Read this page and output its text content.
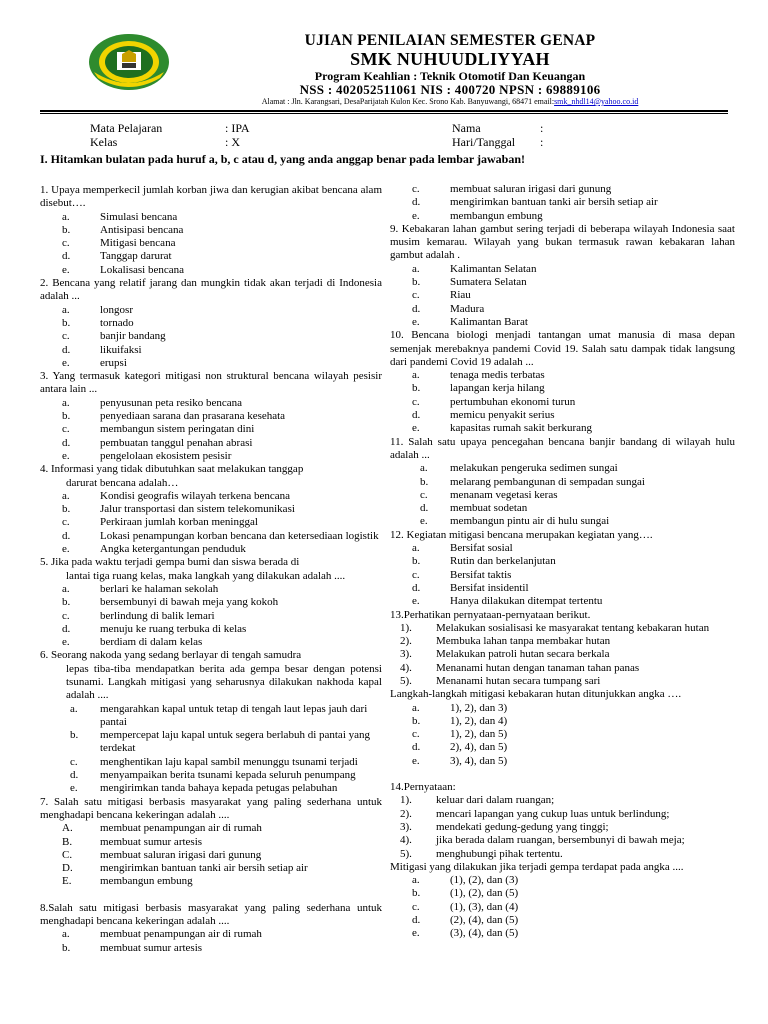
UJIAN PENILAIAN SEMESTER GENAP
SMK NUHUUDLIYYAH
Program Keahlian : Teknik Otomotif Dan Keuangan
NSS : 402052511061 NIS : 400720 NPSN : 69889106
Alamat : Jln. Karangsari, DesaParijatah Kulon Kec. Srono Kab. Banyuwangi, 68471 email:smk_nhdl14@yahoo.co.id
Mata Pelajaran	: IPA
Kelas	: X
Nama	:
Hari/Tanggal :
I. Hitamkan bulatan pada huruf a, b, c atau d, yang anda anggap benar pada lembar jawaban!
1. Upaya memperkecil jumlah korban jiwa dan kerugian akibat bencana alam disebut….
a.	Simulasi bencana
b.	Antisipasi bencana
c.	Mitigasi bencana
d.	Tanggap darurat
e.	Lokalisasi bencana
2. Bencana yang relatif jarang dan mungkin tidak akan terjadi di Indonesia adalah ...
a.	longosr
b.	tornado
c.	banjir bandang
d.	likuifaksi
e.	erupsi
3. Yang termasuk kategori mitigasi non struktural bencana wilayah pesisir antara lain ...
a.	penyusunan peta resiko bencana
b.	penyediaan sarana dan prasarana kesehata
c.	membangun sistem peringatan dini
d.	pembuatan tanggul penahan abrasi
e.	pengelolaan ekosistem pesisir
4. Informasi yang tidak dibutuhkan saat melakukan tanggap
darurat bencana adalah…
a.	Kondisi geografis wilayah terkena bencana
b.	Jalur transportasi dan sistem telekomunikasi
c.	Perkiraan jumlah korban meninggal
d.	Lokasi penampungan korban bencana dan ketersediaan logistik
e.	Angka ketergantungan penduduk
5. Jika pada waktu terjadi gempa bumi dan siswa berada di
lantai tiga ruang kelas, maka langkah yang dilakukan adalah ....
a.	berlari ke halaman sekolah
b.	bersembunyi di bawah meja yang kokoh
c.	berlindung di balik lemari
d.	menuju ke ruang terbuka di kelas
e.	berdiam di dalam kelas
6. Seorang nakoda yang sedang berlayar di tengah samudra
lepas tiba-tiba mendapatkan berita ada gempa besar dengan potensi tsunami. Langkah mitigasi yang seharusnya dilakukan nakhoda kapal adalah ....
a. mengarahkan kapal untuk tetap di tengah laut lepas jauh dari pantai
b. mempercepat laju kapal untuk segera berlabuh di pantai yang terdekat
c. menghentikan laju kapal sambil menunggu tsunami terjadi
d. menyampaikan berita tsunami kepada seluruh penumpang
e. mengirimkan tanda bahaya kepada petugas pelabuhan
7. Salah satu mitigasi berbasis masyarakat yang paling sederhana untuk menghadapi bencana kekeringan adalah ....
A. membuat penampungan air di rumah
B.	membuat sumur artesis
C.	membuat saluran irigasi dari gunung
D. mengirimkan bantuan tanki air bersih setiap air
E.	membangun embung
8.Salah satu mitigasi berbasis masyarakat yang paling sederhana untuk menghadapi bencana kekeringan adalah ....
a.	membuat penampungan air di rumah
b.	membuat sumur artesis
c.	membuat saluran irigasi dari gunung
d.	mengirimkan bantuan tanki air bersih setiap air
e.	membangun embung
9. Kebakaran lahan gambut sering terjadi di beberapa wilayah Indonesia saat musim kemarau. Wilayah yang bukan termasuk rawan kebakaran lahan gambut adalah .
a.	Kalimantan Selatan
b.	Sumatera Selatan
c.	Riau
d.	Madura
e.	Kalimantan Barat
10. Bencana biologi menjadi tantangan umat manusia di masa depan semenjak merebaknya pandemi Covid 19. Salah satu dampak tidak langsung dari pandemi Covid 19 adalah ...
a.	tenaga medis terbatas
b.	lapangan kerja hilang
c.	pertumbuhan ekonomi turun
d.	memicu penyakit serius
e.	kapasitas rumah sakit berkurang
11. Salah satu upaya pencegahan bencana banjir bandang di wilayah hulu adalah ...
a. melakukan pengeruka sedimen sungai
b. melarang pembangunan di sempadan sungai
c. menanam vegetasi keras
d. membuat sodetan
e. membangun pintu air di hulu sungai
12. Kegiatan mitigasi bencana merupakan kegiatan yang….
a.	Bersifat sosial
b.	Rutin dan berkelanjutan
c.	Bersifat taktis
d.	Bersifat insidentil
e.	Hanya dilakukan ditempat tertentu
13.Perhatikan pernyataan-pernyataan berikut.
1). Melakukan sosialisasi ke masyarakat tentang kebakaran hutan
2). Membuka lahan tanpa membakar hutan
3). Melakukan patroli hutan secara berkala
4). Menanami hutan dengan tanaman tahan panas
5). Menanami hutan secara tumpang sari
Langkah-langkah mitigasi kebakaran hutan ditunjukkan angka ….
a.	1), 2), dan 3)
b.	1), 2), dan 4)
c.	1), 2), dan 5)
d.	2), 4), dan 5)
e.	3), 4), dan 5)
14.Pernyataan:
1). keluar dari dalam ruangan;
2). mencari lapangan yang cukup luas untuk berlindung;
3). mendekati gedung-gedung yang tinggi;
4). jika berada dalam ruangan, bersembunyi di bawah meja;
5). menghubungi pihak tertentu.
Mitigasi yang dilakukan jika terjadi gempa terdapat pada angka ....
a.	(1), (2), dan (3)
b.	(1), (2), dan (5)
c.	(1), (3), dan (4)
d.	(2), (4), dan (5)
e.	(3), (4), dan (5)
